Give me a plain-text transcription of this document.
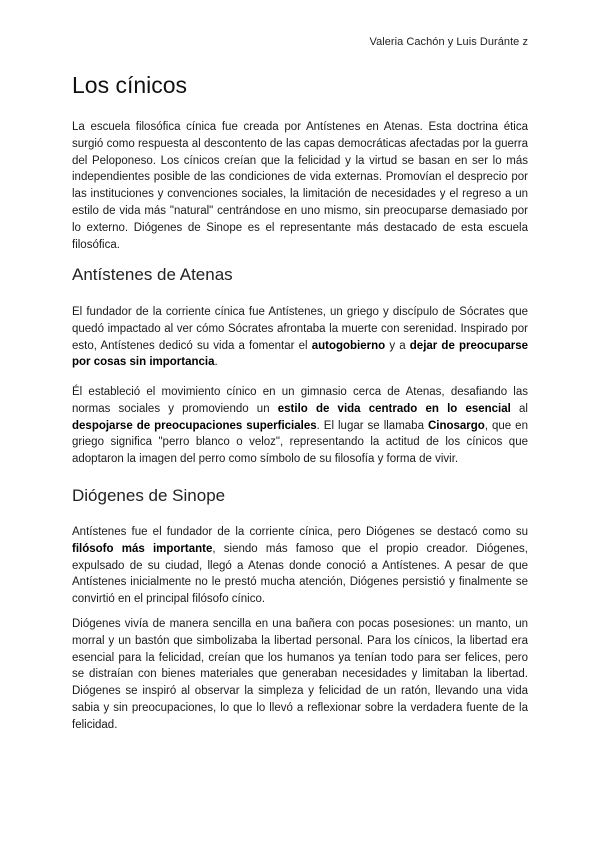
Valeria Cachón y Luis Duránte z
Los cínicos

La escuela filosófica cínica fue creada por Antístenes en Atenas. Esta doctrina ética surgió como respuesta al descontento de las capas democráticas afectadas por la guerra del Peloponeso. Los cínicos creían que la felicidad y la virtud se basan en ser lo más independientes posible de las condiciones de vida externas. Promovían el desprecio por las instituciones y convenciones sociales, la limitación de necesidades y el regreso a un estilo de vida más "natural" centrándose en uno mismo, sin preocuparse demasiado por lo externo. Diógenes de Sinope es el representante más destacado de esta escuela filosófica.

Antístenes de Atenas

El fundador de la corriente cínica fue Antístenes, un griego y discípulo de Sócrates que quedó impactado al ver cómo Sócrates afrontaba la muerte con serenidad. Inspirado por esto, Antístenes dedicó su vida a fomentar el autogobierno y a dejar de preocuparse por cosas sin importancia.

Él estableció el movimiento cínico en un gimnasio cerca de Atenas, desafiando las normas sociales y promoviendo un estilo de vida centrado en lo esencial al despojarse de preocupaciones superficiales. El lugar se llamaba Cinosargo, que en griego significa "perro blanco o veloz", representando la actitud de los cínicos que adoptaron la imagen del perro como símbolo de su filosofía y forma de vivir.

Diógenes de Sinope

Antístenes fue el fundador de la corriente cínica, pero Diógenes se destacó como su filósofo más importante, siendo más famoso que el propio creador. Diógenes, expulsado de su ciudad, llegó a Atenas donde conoció a Antístenes. A pesar de que Antístenes inicialmente no le prestó mucha atención, Diógenes persistió y finalmente se convirtió en el principal filósofo cínico.

Diógenes vivía de manera sencilla en una bañera con pocas posesiones: un manto, un morral y un bastón que simbolizaba la libertad personal. Para los cínicos, la libertad era esencial para la felicidad, creían que los humanos ya tenían todo para ser felices, pero se distraían con bienes materiales que generaban necesidades y limitaban la libertad. Diógenes se inspiró al observar la simpleza y felicidad de un ratón, llevando una vida sabia y sin preocupaciones, lo que lo llevó a reflexionar sobre la verdadera fuente de la felicidad.
